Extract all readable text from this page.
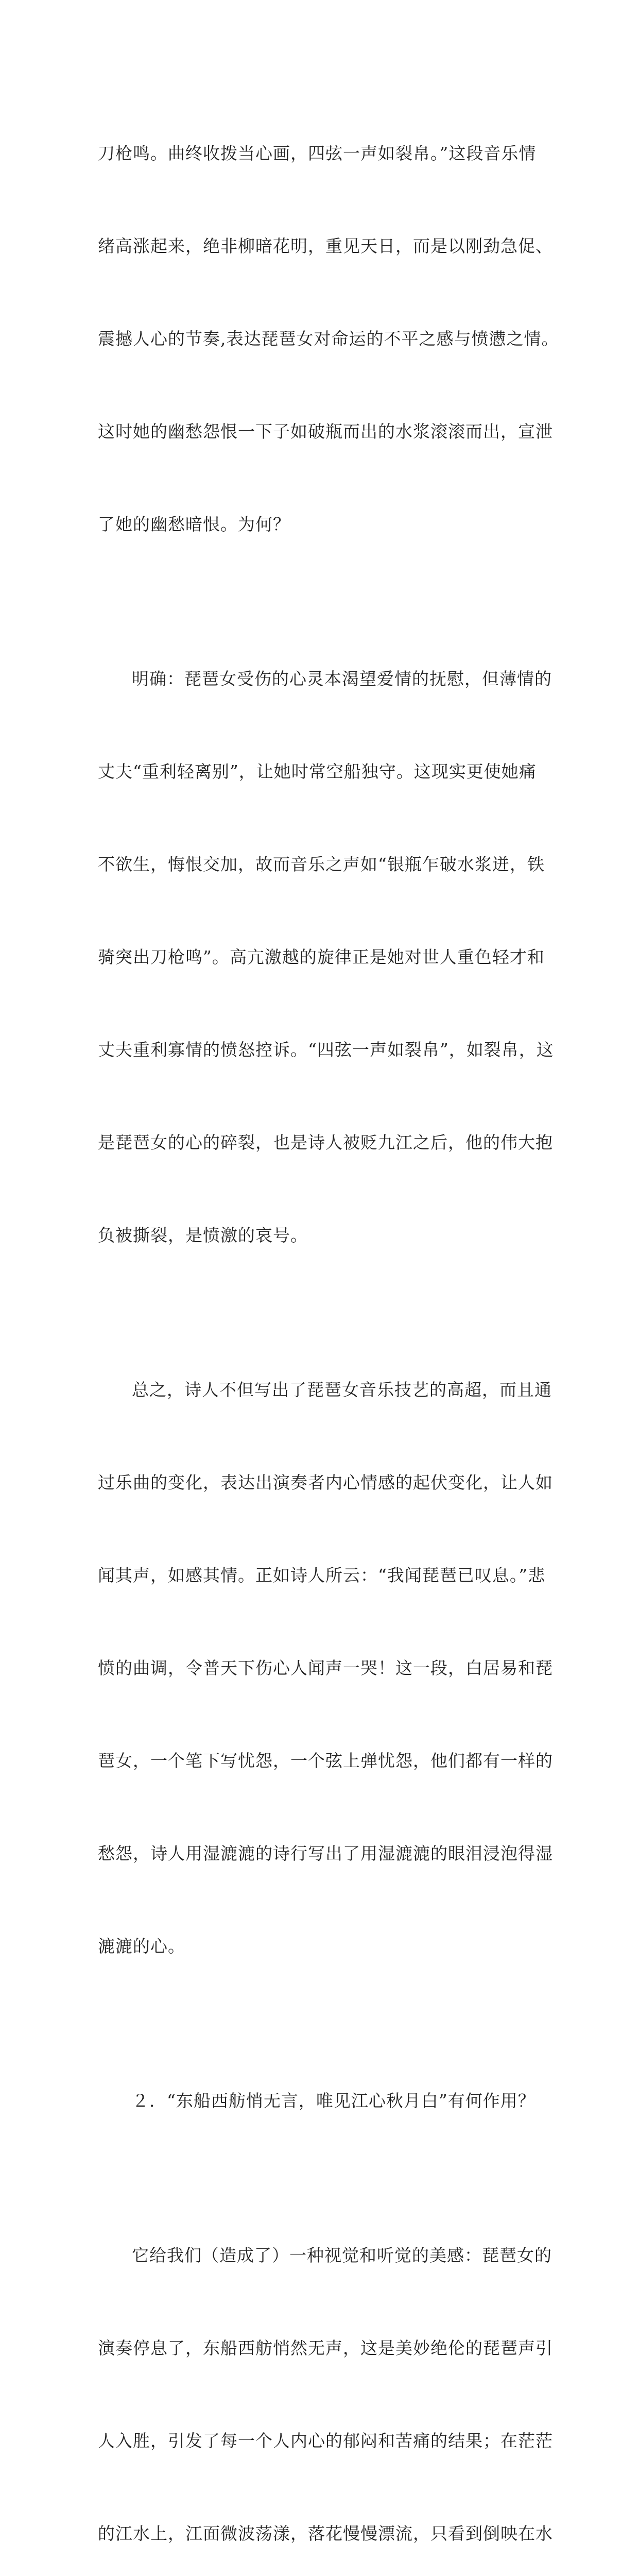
刀枪鸣。曲终收拨当心画，四弦一声如裂帛。”这段音乐情

绪高涨起来，绝非柳暗花明，重见天日，而是以刚劲急促、

震撼人心的节奏,表达琵琶女对命运的不平之感与愤懑之情。

这时她的幽愁怨恨一下子如破瓶而出的水浆滚滚而出，宣泄

了她的幽愁暗恨。为何？

明确：琵琶女受伤的心灵本渴望爱情的抚慰，但薄情的

丈夫“重利轻离别”，让她时常空船独守。这现实更使她痛

不欲生，悔恨交加，故而音乐之声如“银瓶乍破水浆迸，铁

骑突出刀枪鸣”。高亢激越的旋律正是她对世人重色轻才和

丈夫重利寡情的愤怒控诉。“四弦一声如裂帛”，如裂帛，这

是琵琶女的心的碎裂，也是诗人被贬九江之后，他的伟大抱

负被撕裂，是愤激的哀号。

总之，诗人不但写出了琵琶女音乐技艺的高超，而且通

过乐曲的变化，表达出演奏者内心情感的起伏变化，让人如

闻其声，如感其情。正如诗人所云：“我闻琵琶已叹息。”悲

愤的曲调，令普天下伤心人闻声一哭！这一段，白居易和琵

琶女，一个笔下写忧怨，一个弦上弹忧怨，他们都有一样的

愁怨，诗人用湿漉漉的诗行写出了用湿漉漉的眼泪浸泡得湿

漉漉的心。

２．“东船西舫悄无言，唯见江心秋月白”有何作用？

它给我们（造成了）一种视觉和听觉的美感：琵琶女的

演奏停息了，东船西舫悄然无声，这是美妙绝伦的琵琶声引

人入胜，引发了每一个人内心的郁闷和苦痛的结果；在茫茫

的江水上，江面微波荡漾，落花慢慢漂流，只看到倒映在水
